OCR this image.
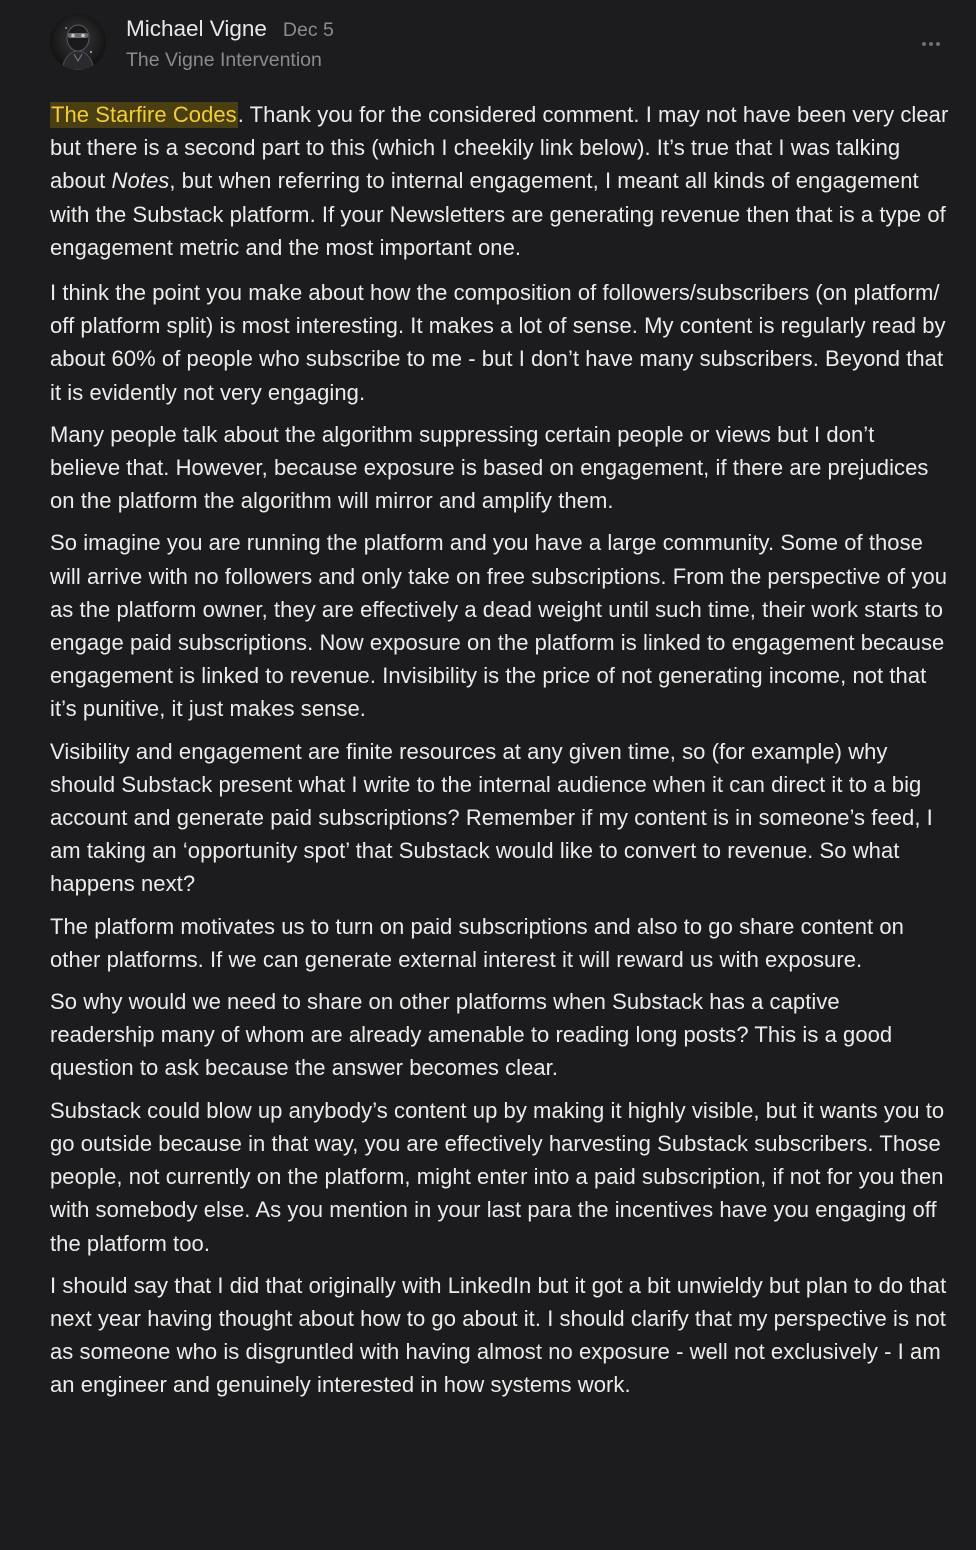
Michael Vigne Dec 5
The Vigne Intervention

The Starfire Codes. Thank you for the considered comment. I may not have been very clear but there is a second part to this (which I cheekily link below). It’s true that I was talking about Notes, but when referring to internal engagement, I meant all kinds of engagement with the Substack platform. If your Newsletters are generating revenue then that is a type of engagement metric and the most important one.

I think the point you make about how the composition of followers/subscribers (on platform/ off platform split) is most interesting. It makes a lot of sense. My content is regularly read by about 60% of people who subscribe to me - but I don’t have many subscribers. Beyond that it is evidently not very engaging.

Many people talk about the algorithm suppressing certain people or views but I don’t believe that. However, because exposure is based on engagement, if there are prejudices on the platform the algorithm will mirror and amplify them.

So imagine you are running the platform and you have a large community. Some of those will arrive with no followers and only take on free subscriptions. From the perspective of you as the platform owner, they are effectively a dead weight until such time, their work starts to engage paid subscriptions. Now exposure on the platform is linked to engagement because engagement is linked to revenue. Invisibility is the price of not generating income, not that it’s punitive, it just makes sense.

Visibility and engagement are finite resources at any given time, so (for example) why should Substack present what I write to the internal audience when it can direct it to a big account and generate paid subscriptions? Remember if my content is in someone’s feed, I am taking an ‘opportunity spot’ that Substack would like to convert to revenue. So what happens next?

The platform motivates us to turn on paid subscriptions and also to go share content on other platforms. If we can generate external interest it will reward us with exposure.

So why would we need to share on other platforms when Substack has a captive readership many of whom are already amenable to reading long posts? This is a good question to ask because the answer becomes clear.

Substack could blow up anybody’s content up by making it highly visible, but it wants you to go outside because in that way, you are effectively harvesting Substack subscribers. Those people, not currently on the platform, might enter into a paid subscription, if not for you then with somebody else. As you mention in your last para the incentives have you engaging off the platform too.

I should say that I did that originally with LinkedIn but it got a bit unwieldy but plan to do that next year having thought about how to go about it. I should clarify that my perspective is not as someone who is disgruntled with having almost no exposure - well not exclusively - I am an engineer and genuinely interested in how systems work.
